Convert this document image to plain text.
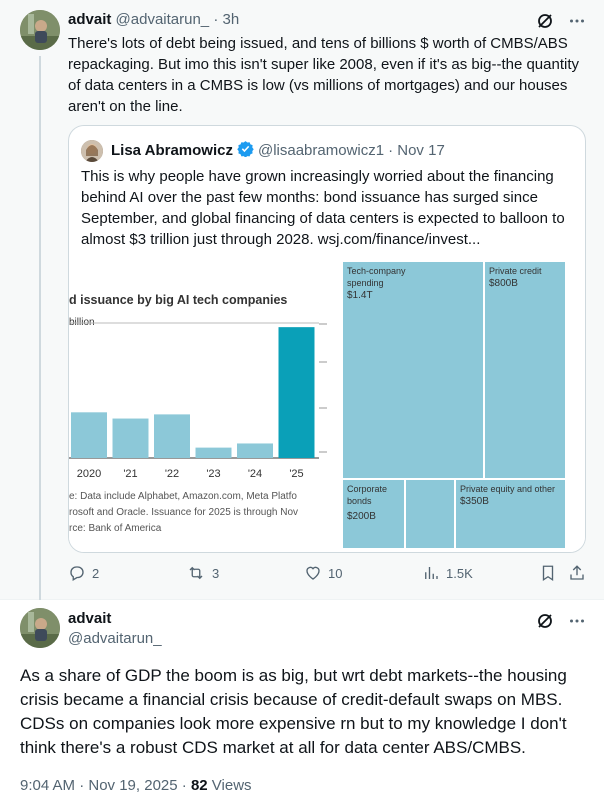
advait @advaitarun_ · 3h
There's lots of debt being issued, and tens of billions $ worth of CMBS/ABS repackaging. But imo this isn't super like 2008, even if it's as big--the quantity of data centers in a CMBS is low (vs millions of mortgages) and our houses aren't on the line.
Lisa Abramowicz @lisaabramowicz1 · Nov 17
This is why people have grown increasingly worried about the financing behind AI over the past few months: bond issuance has surged since September, and global financing of data centers is expected to balloon to almost $3 trillion just through 2028. wsj.com/finance/invest...
d issuance by big AI tech companies
billion
2020 '21 '22 '23 '24 '25
e: Data include Alphabet, Amazon.com, Meta Platfo
rosoft and Oracle. Issuance for 2025 is through Nov
rce: Bank of America
Tech-company spending
$1.4T
Private credit
$800B
Corporate bonds
$200B
Private equity and other
$350B
2	3	10	1.5K
advait
@advaitarun_
As a share of GDP the boom is as big, but wrt debt markets--the housing crisis became a financial crisis because of credit-default swaps on MBS. CDSs on companies look more expensive rn but to my knowledge I don't think there's a robust CDS market at all for data center ABS/CMBS.
9:04 AM · Nov 19, 2025 · 82 Views
